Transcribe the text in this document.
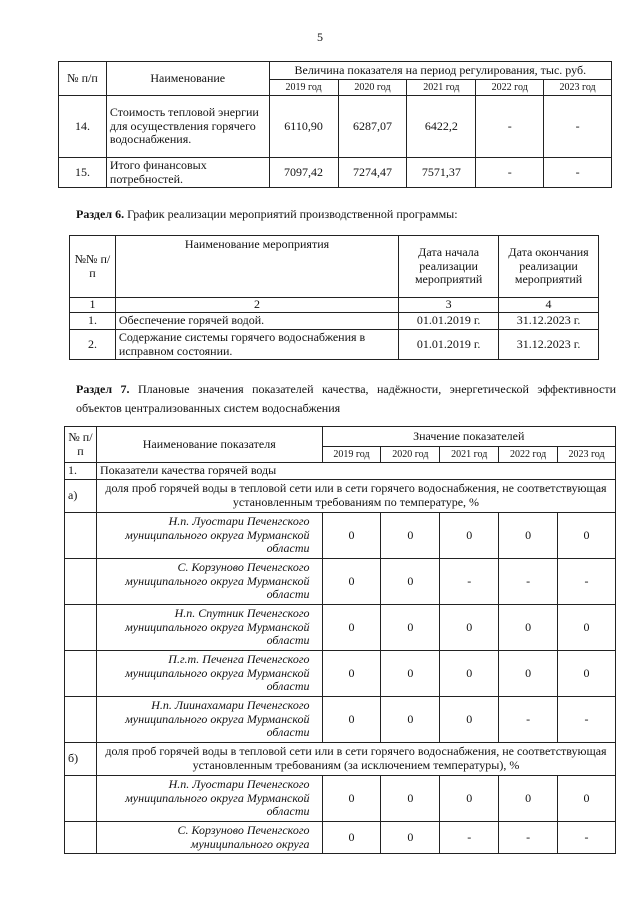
5
№ п/п	Наименование	Величина показателя на период регулирования, тыс. руб.				
		2019 год	2020 год	2021 год	2022 год	2023 год
14.	Стоимость тепловой энергии для осуществления горячего водоснабжения.	6110,90	6287,07	6422,2	-	-
15.	Итого финансовых потребностей.	7097,42	7274,47	7571,37	-	-
Раздел 6. График реализации мероприятий производственной программы:
№№ п/п	Наименование мероприятия	Дата начала реализации мероприятий	Дата окончания реализации мероприятий
1	2	3	4
1.	Обеспечение горячей водой.	01.01.2019 г.	31.12.2023 г.
2.	Содержание системы горячего водоснабжения в исправном состоянии.	01.01.2019 г.	31.12.2023 г.
Раздел 7. Плановые значения показателей качества, надёжности, энергетической эффективности объектов централизованных систем водоснабжения
№ п/п	Наименование показателя	Значение показателей				
		2019 год	2020 год	2021 год	2022 год	2023 год
1.	Показатели качества горячей воды					
а)	доля проб горячей воды в тепловой сети или в сети горячего водоснабжения, не соответствующая установленным требованиям по температуре, %					
	Н.п. Луостари Печенгского муниципального округа Мурманской области	0	0	0	0	0
	С. Корзуново Печенгского муниципального округа Мурманской области	0	0	-	-	-
	Н.п. Спутник Печенгского муниципального округа Мурманской области	0	0	0	0	0
	П.г.т. Печенга Печенгского муниципального округа Мурманской области	0	0	0	0	0
	Н.п. Лиинахамари Печенгского муниципального округа Мурманской области	0	0	0	-	-
б)	доля проб горячей воды в тепловой сети или в сети горячего водоснабжения, не соответствующая установленным требованиям (за исключением температуры), %					
	Н.п. Луостари Печенгского муниципального округа Мурманской области	0	0	0	0	0
	С. Корзуново Печенгского муниципального округа	0	0	-	-	-
